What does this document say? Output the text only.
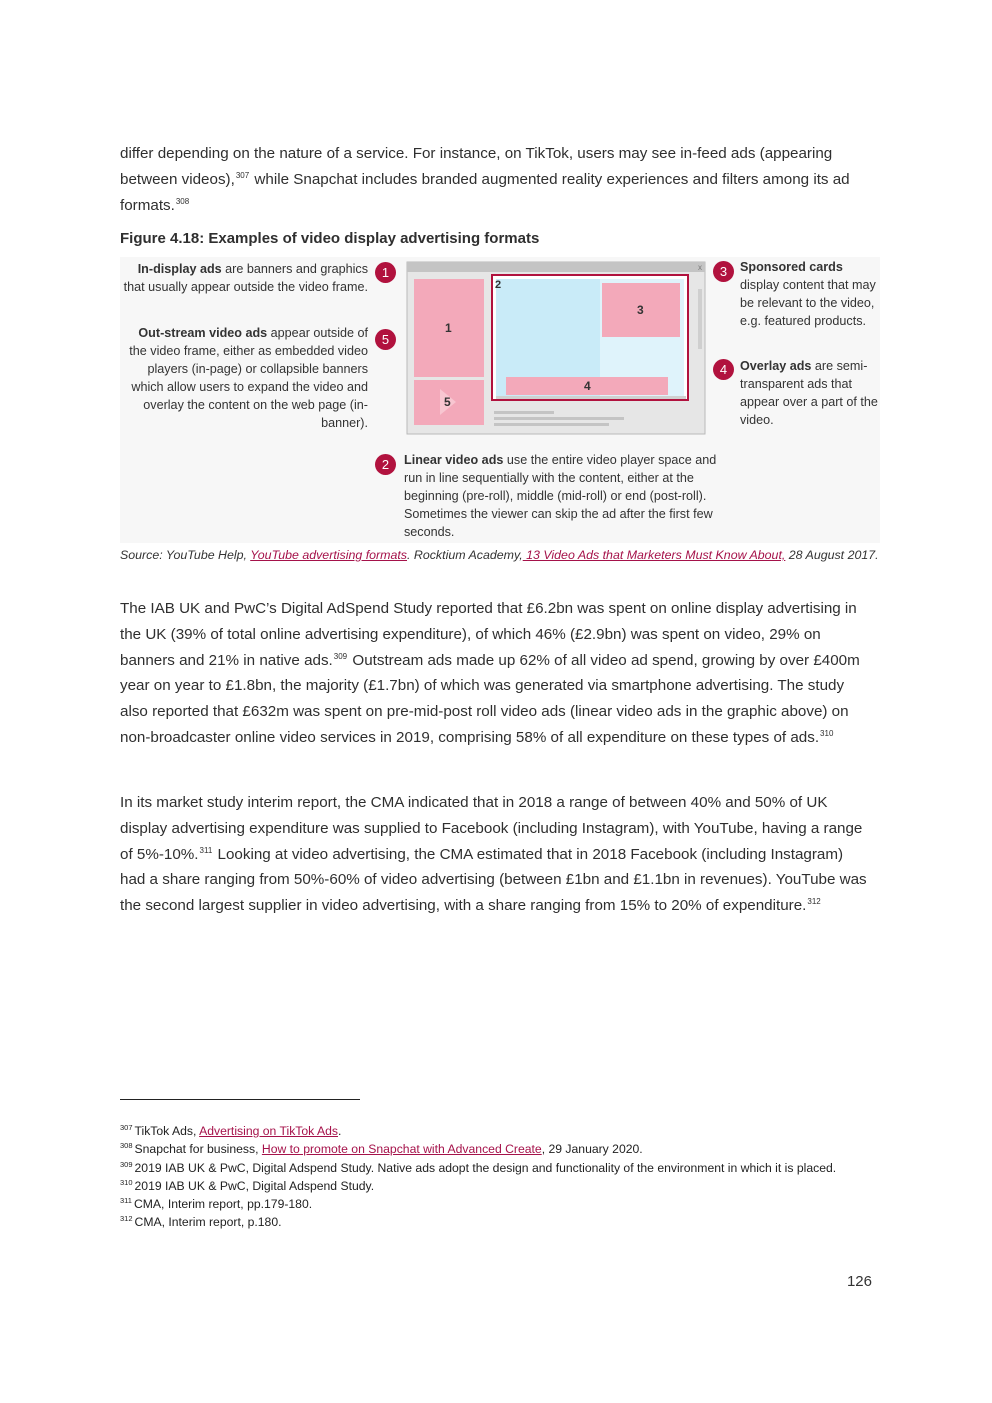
differ depending on the nature of a service. For instance, on TikTok, users may see in-feed ads (appearing between videos),$^{307}$ while Snapchat includes branded augmented reality experiences and filters among its ad formats.$^{308}$

Figure 4.18: Examples of video display advertising formats

In-display ads are banners and graphics that usually appear outside the video frame.
1
Out-stream video ads appear outside of the video frame, either as embedded video players (in-page) or collapsible banners which allow users to expand the video and overlay the content on the web page (in-banner).
5
3	Sponsored cards
display content that may be relevant to the video, e.g. featured products.
4	Overlay ads are semi-transparent ads that appear over a part of the video.
2	Linear video ads use the entire video player space and run in line sequentially with the content, either at the beginning (pre-roll), middle (mid-roll) or end (post-roll). Sometimes the viewer can skip the ad after the first few seconds.
x
1
5
2
3
4
Source: YouTube Help, YouTube advertising formats. Rocktium Academy, 13 Video Ads that Marketers Must Know About, 28 August 2017.

The IAB UK and PwC’s Digital AdSpend Study reported that £6.2bn was spent on online display advertising in the UK (39% of total online advertising expenditure), of which 46% (£2.9bn) was spent on video, 29% on banners and 21% in native ads.$^{309}$ Outstream ads made up 62% of all video ad spend, growing by over £400m year on year to £1.8bn, the majority (£1.7bn) of which was generated via smartphone advertising. The study also reported that £632m was spent on pre-mid-post roll video ads (linear video ads in the graphic above) on non-broadcaster online video services in 2019, comprising 58% of all expenditure on these types of ads.$^{310}$

In its market study interim report, the CMA indicated that in 2018 a range of between 40% and 50% of UK display advertising expenditure was supplied to Facebook (including Instagram), with YouTube, having a range of 5%-10%.$^{311}$ Looking at video advertising, the CMA estimated that in 2018 Facebook (including Instagram) had a share ranging from 50%-60% of video advertising (between £1bn and £1.1bn in revenues). YouTube was the second largest supplier in video advertising, with a share ranging from 15% to 20% of expenditure.$^{312}$

$^{307}$ TikTok Ads, Advertising on TikTok Ads.

$^{308}$ Snapchat for business, How to promote on Snapchat with Advanced Create, 29 January 2020.

$^{309}$ 2019 IAB UK & PwC, Digital Adspend Study. Native ads adopt the design and functionality of the environment in which it is placed.

$^{310}$ 2019 IAB UK & PwC, Digital Adspend Study.

$^{311}$ CMA, Interim report, pp.179-180.

$^{312}$ CMA, Interim report, p.180.

126
